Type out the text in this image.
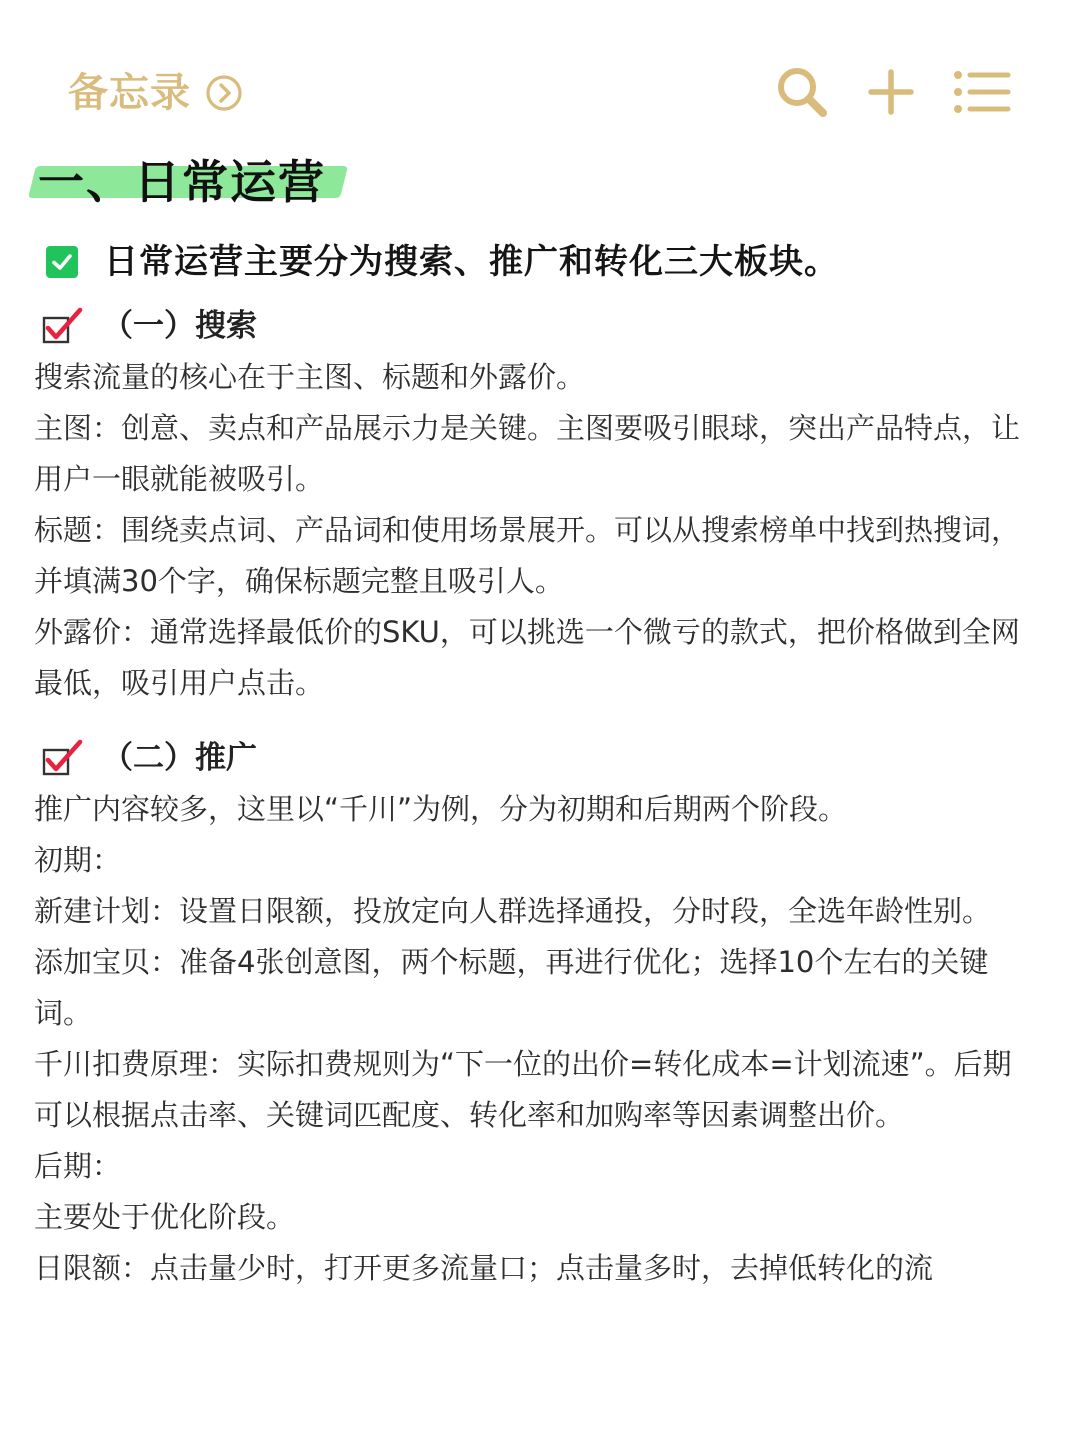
备忘录
一、日常运营
日常运营主要分为搜索、推广和转化三大板块。
（一）搜索

搜索流量的核心在于主图、标题和外露价。

主图：创意、卖点和产品展示力是关键。主图要吸引眼球，突出产品特点，让用户一眼就能被吸引。

标题：围绕卖点词、产品词和使用场景展开。可以从搜索榜单中找到热搜词，并填满30个字，确保标题完整且吸引人。

外露价：通常选择最低价的SKU，可以挑选一个微亏的款式，把价格做到全网最低，吸引用户点击。

（二）推广

推广内容较多，这里以“千川”为例，分为初期和后期两个阶段。

初期：

新建计划：设置日限额，投放定向人群选择通投，分时段，全选年龄性别。

添加宝贝：准备4张创意图，两个标题，再进行优化；选择10个左右的关键词。

千川扣费原理：实际扣费规则为“下一位的出价=转化成本=计划流速”。后期可以根据点击率、关键词匹配度、转化率和加购率等因素调整出价。

后期：

主要处于优化阶段。

日限额：点击量少时，打开更多流量口；点击量多时，去掉低转化的流
